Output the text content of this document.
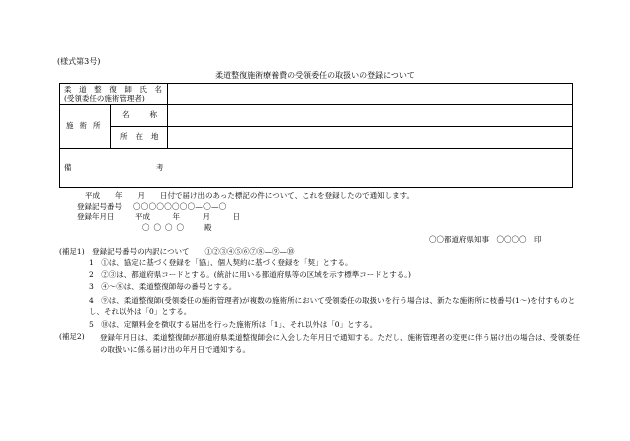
(様式第3号)
柔道整復施術療養費の受領委任の取扱いの登録について
柔 道 整 復 師 氏 名
(受領委任の施術管理者)
施術所
名称
所在地
備	考
平成　　年　　月　　日付で届け出のあった標記の件について、これを登録したので通知します。
登録記号番号 〇〇〇〇〇〇〇〇—〇—〇
登録年月日	平成　　　年　　　月　　　日
〇〇〇〇 殿
〇〇都道府県知事　〇〇〇〇　印
(補足1)　登録記号番号の内訳について　　①②③④⑤⑥⑦⑧—⑨—⑩
1　①は、協定に基づく登録を「協」、個人契約に基づく登録を「契」とする。
2　②③は、都道府県コードとする。(統計に用いる都道府県等の区域を示す標準コードとする。)
3　④〜⑧は、柔道整復師毎の番号とする。
4　⑨は、柔道整復師(受領委任の施術管理者)が複数の施術所において受領委任の取扱いを行う場合は、新たな施術所に枝番号(1〜)を付すものとし、それ以外は「0」とする。
5　⑩は、定額料金を徴収する届出を行った施術所は「1」、それ以外は「0」とする。
(補足2) 登録年月日は、柔道整復師が都道府県柔道整復師会に入会した年月日で通知する。ただし、施術管理者の変更に伴う届け出の場合は、受領委任の取扱いに係る届け出の年月日で通知する。
